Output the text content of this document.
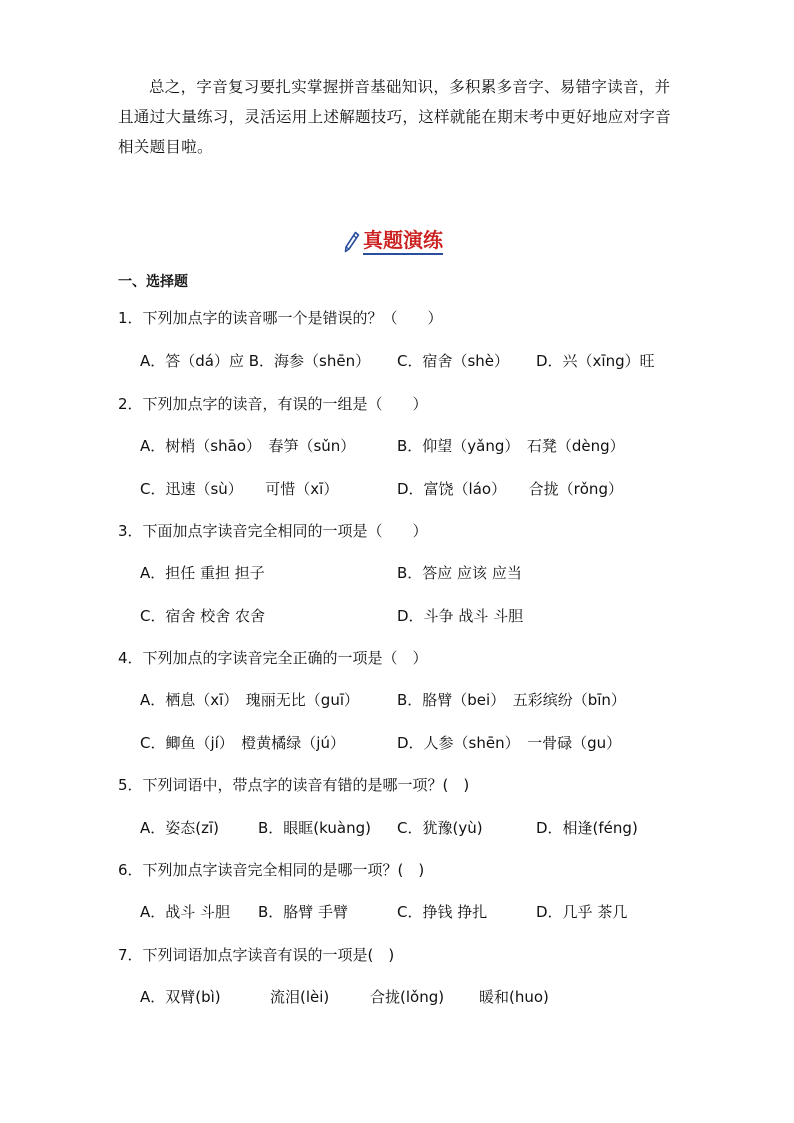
总之，字音复习要扎实掌握拼音基础知识，多积累多音字、易错字读音，并
且通过大量练习，灵活运用上述解题技巧，这样就能在期末考中更好地应对字音
相关题目啦。
真题演练
一、选择题
1．下列加点字的读音哪一个是错误的？（　　）
A．答（dá）应 B．海参（shēn） C．宿舍（shè） D．兴（xīng）旺
2．下列加点字的读音，有误的一组是（　　）
A．树梢（shāo）　春笋（sǔn）	B．仰望（yǎng）　石凳（dèng）
C．迅速（sù）　　可惜（xī）	D．富饶（láo）　　合拢（rǒng）
3．下面加点字读音完全相同的一项是（　　）
A．担任 重担 担子	B．答应 应该 应当
C．宿舍 校舍 农舍	D．斗争 战斗 斗胆
4．下列加点的字读音完全正确的一项是（　）
A．栖息（xī）　瑰丽无比（guī）	B．胳臂（bei）　五彩缤纷（bīn）
C．鲫鱼（jí）　橙黄橘绿（jú）	D．人参（shēn）　一骨碌（gu）
5．下列词语中，带点字的读音有错的是哪一项？(　)
A．姿态(zī)	B．眼眶(kuàng) C．犹豫(yù)	D．相逢(féng)
6．下列加点字读音完全相同的是哪一项？(　)
A．战斗 斗胆 B．胳臂 手臂	C．挣钱 挣扎	D．几乎 茶几
7．下列词语加点字读音有误的一项是(　)
A．双臂(bì)	流泪(lèi)	合拢(lǒng) 暖和(huo)
